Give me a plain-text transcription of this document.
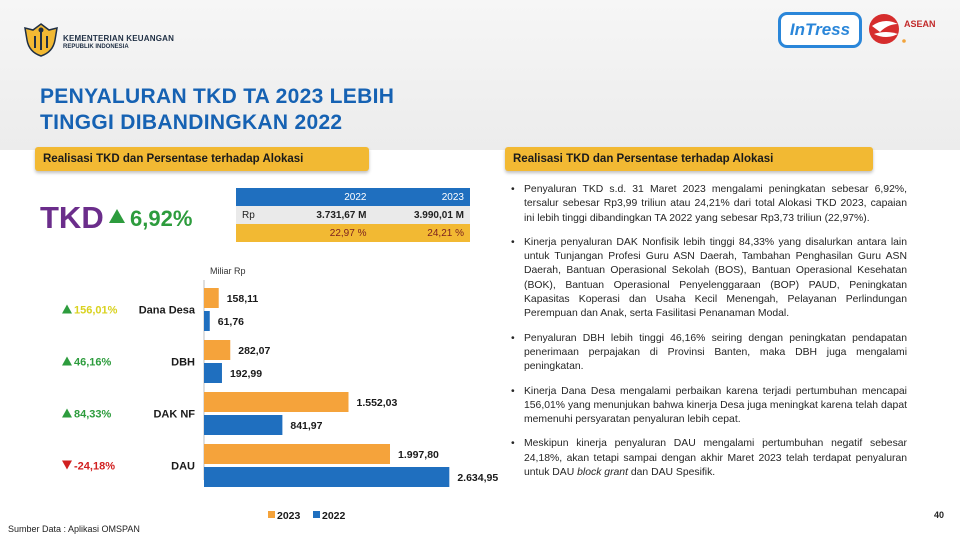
KEMENTERIAN KEUANGAN
REPUBLIK INDONESIA
InTress	ASEAN
PENYALURAN TKD TA 2023 LEBIH
TINGGI DIBANDINGKAN 2022
Realisasi TKD dan Persentase terhadap Alokasi	Realisasi TKD dan Persentase terhadap Alokasi
TKD 6,92%
	2022	2023
Rp	3.731,67 M	3.990,01 M
	22,97 %	24,21 %
Miliar Rp
Dana Desa
158,11
61,76
156,01%
DBH
282,07
192,99
46,16%
DAK NF
1.552,03
841,97
84,33%
DAU
1.997,80
2.634,95
-24,18%
2023 2022
• Penyaluran TKD s.d. 31 Maret 2023 mengalami peningkatan sebesar 6,92%, tersalur sebesar Rp3,99 triliun atau 24,21% dari total Alokasi TKD 2023, capaian ini lebih tinggi dibandingkan TA 2022 yang sebesar Rp3,73 triliun (22,97%).
• Kinerja penyaluran DAK Nonfisik lebih tinggi 84,33% yang disalurkan antara lain untuk Tunjangan Profesi Guru ASN Daerah, Tambahan Penghasilan Guru ASN Daerah, Bantuan Operasional Sekolah (BOS), Bantuan Operasional Kesehatan (BOK), Bantuan Operasional Penyelenggaraan (BOP) PAUD, Peningkatan Kapasitas Koperasi dan Usaha Kecil Menengah, Pelayanan Perlindungan Perempuan dan Anak, serta Fasilitasi Penanaman Modal.
• Penyaluran DBH lebih tinggi 46,16% seiring dengan peningkatan pendapatan penerimaan perpajakan di Provinsi Banten, maka DBH juga mengalami peningkatan.
• Kinerja Dana Desa mengalami perbaikan karena terjadi pertumbuhan mencapai 156,01% yang menunjukan bahwa kinerja Desa juga meningkat karena telah dapat memenuhi persyaratan penyaluran lebih cepat.
• Meskipun kinerja penyaluran DAU mengalami pertumbuhan negatif sebesar 24,18%, akan tetapi sampai dengan akhir Maret 2023 telah terdapat penyaluran untuk DAU block grant dan DAU Spesifik.
Sumber Data : Aplikasi OMSPAN
40
